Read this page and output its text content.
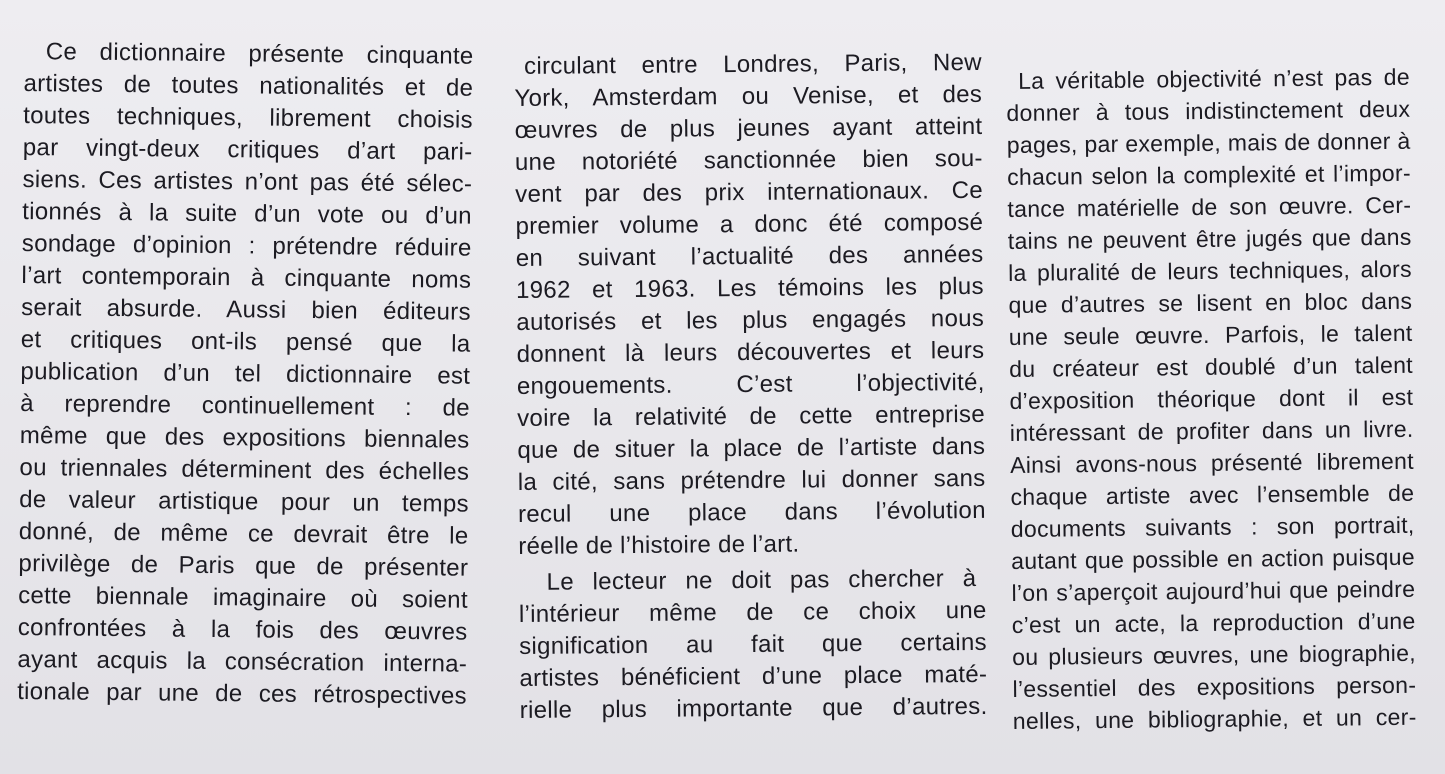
Ce dictionnaire présente cinquante
artistes de toutes nationalités et de
toutes techniques, librement choisis
par vingt-deux critiques d’art pari-
siens. Ces artistes n’ont pas été sélec-
tionnés à la suite d’un vote ou d’un
sondage d’opinion : prétendre réduire
l’art contemporain à cinquante noms
serait absurde. Aussi bien éditeurs
et critiques ont-ils pensé que la
publication d’un tel dictionnaire est
à reprendre continuellement : de
même que des expositions biennales
ou triennales déterminent des échelles
de valeur artistique pour un temps
donné, de même ce devrait être le
privilège de Paris que de présenter
cette biennale imaginaire où soient
confrontées à la fois des œuvres
ayant acquis la consécration interna-
tionale par une de ces rétrospectives
circulant entre Londres, Paris, New
York, Amsterdam ou Venise, et des
œuvres de plus jeunes ayant atteint
une notoriété sanctionnée bien sou-
vent par des prix internationaux. Ce
premier volume a donc été composé
en suivant l’actualité des années
1962 et 1963. Les témoins les plus
autorisés et les plus engagés nous
donnent là leurs découvertes et leurs
engouements. C’est l’objectivité,
voire la relativité de cette entreprise
que de situer la place de l’artiste dans
la cité, sans prétendre lui donner sans
recul une place dans l’évolution
réelle de l’histoire de l’art.
Le lecteur ne doit pas chercher à
l’intérieur même de ce choix une
signification au fait que certains
artistes bénéficient d’une place maté-
rielle plus importante que d’autres.
La véritable objectivité n’est pas de
donner à tous indistinctement deux
pages, par exemple, mais de donner à
chacun selon la complexité et l’impor-
tance matérielle de son œuvre. Cer-
tains ne peuvent être jugés que dans
la pluralité de leurs techniques, alors
que d’autres se lisent en bloc dans
une seule œuvre. Parfois, le talent
du créateur est doublé d’un talent
d’exposition théorique dont il est
intéressant de profiter dans un livre.
Ainsi avons-nous présenté librement
chaque artiste avec l’ensemble de
documents suivants : son portrait,
autant que possible en action puisque
l’on s’aperçoit aujourd’hui que peindre
c’est un acte, la reproduction d’une
ou plusieurs œuvres, une biographie,
l’essentiel des expositions person-
nelles, une bibliographie, et un cer-
